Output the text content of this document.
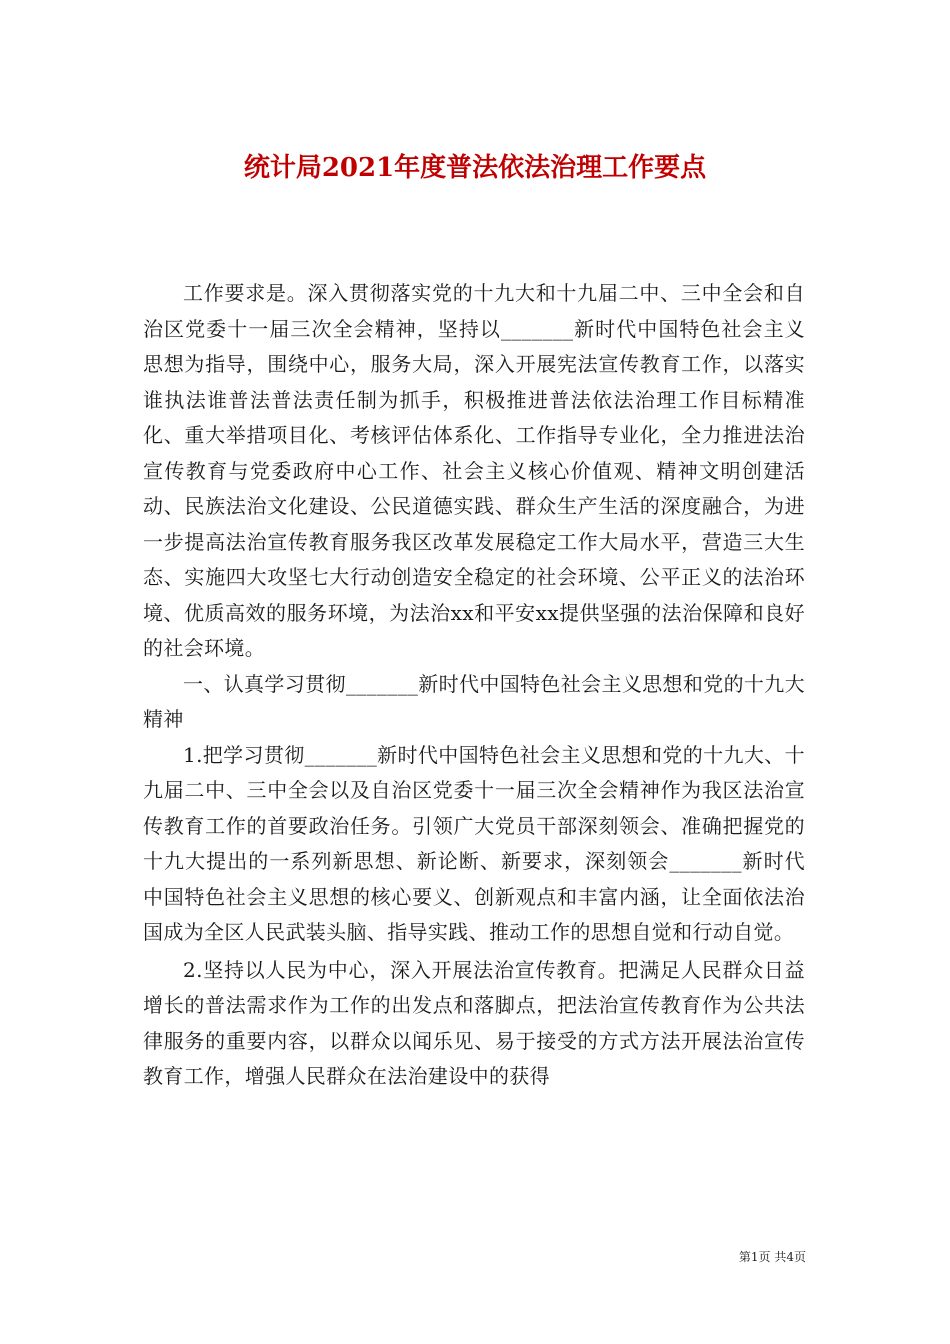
统计局2021年度普法依法治理工作要点

工作要求是。深入贯彻落实党的十九大和十九届二中、三中全会和自治区党委十一届三次全会精神，坚持以_______新时代中国特色社会主义思想为指导，围绕中心，服务大局，深入开展宪法宣传教育工作，以落实谁执法谁普法普法责任制为抓手，积极推进普法依法治理工作目标精准化、重大举措项目化、考核评估体系化、工作指导专业化，全力推进法治宣传教育与党委政府中心工作、社会主义核心价值观、精神文明创建活动、民族法治文化建设、公民道德实践、群众生产生活的深度融合，为进一步提高法治宣传教育服务我区改革发展稳定工作大局水平，营造三大生态、实施四大攻坚七大行动创造安全稳定的社会环境、公平正义的法治环境、优质高效的服务环境，为法治xx和平安xx提供坚强的法治保障和良好的社会环境。

一、认真学习贯彻_______新时代中国特色社会主义思想和党的十九大精神

1.把学习贯彻_______新时代中国特色社会主义思想和党的十九大、十九届二中、三中全会以及自治区党委十一届三次全会精神作为我区法治宣传教育工作的首要政治任务。引领广大党员干部深刻领会、准确把握党的十九大提出的一系列新思想、新论断、新要求，深刻领会_______新时代中国特色社会主义思想的核心要义、创新观点和丰富内涵，让全面依法治国成为全区人民武装头脑、指导实践、推动工作的思想自觉和行动自觉。

2.坚持以人民为中心，深入开展法治宣传教育。把满足人民群众日益增长的普法需求作为工作的出发点和落脚点，把法治宣传教育作为公共法律服务的重要内容，以群众以闻乐见、易于接受的方式方法开展法治宣传教育工作，增强人民群众在法治建设中的获得

第1页 共4页
